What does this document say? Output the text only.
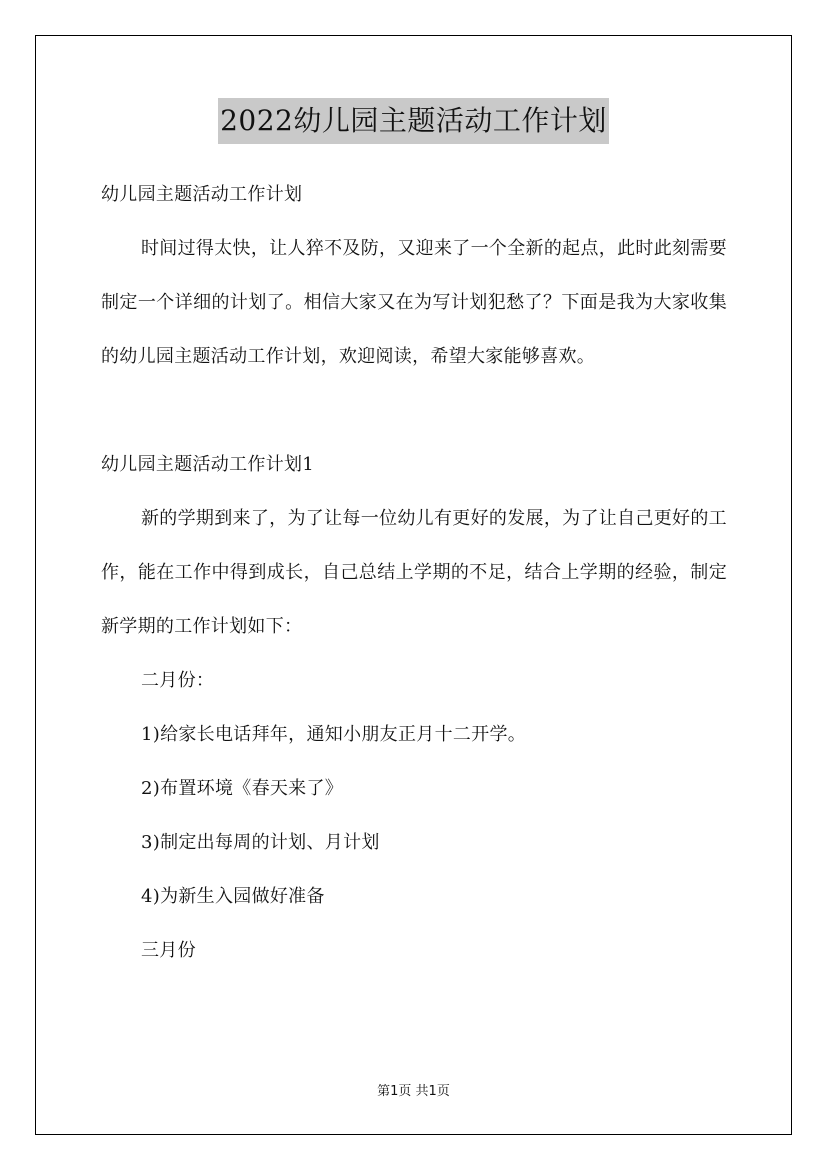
2022幼儿园主题活动工作计划

幼儿园主题活动工作计划

时间过得太快，让人猝不及防，又迎来了一个全新的起点，此时此刻需要制定一个详细的计划了。相信大家又在为写计划犯愁了？下面是我为大家收集的幼儿园主题活动工作计划，欢迎阅读，希望大家能够喜欢。

幼儿园主题活动工作计划1

新的学期到来了，为了让每一位幼儿有更好的发展，为了让自己更好的工作，能在工作中得到成长，自己总结上学期的不足，结合上学期的经验，制定新学期的工作计划如下：

二月份：

1)给家长电话拜年，通知小朋友正月十二开学。

2)布置环境《春天来了》

3)制定出每周的计划、月计划

4)为新生入园做好准备

三月份

第1页 共1页
